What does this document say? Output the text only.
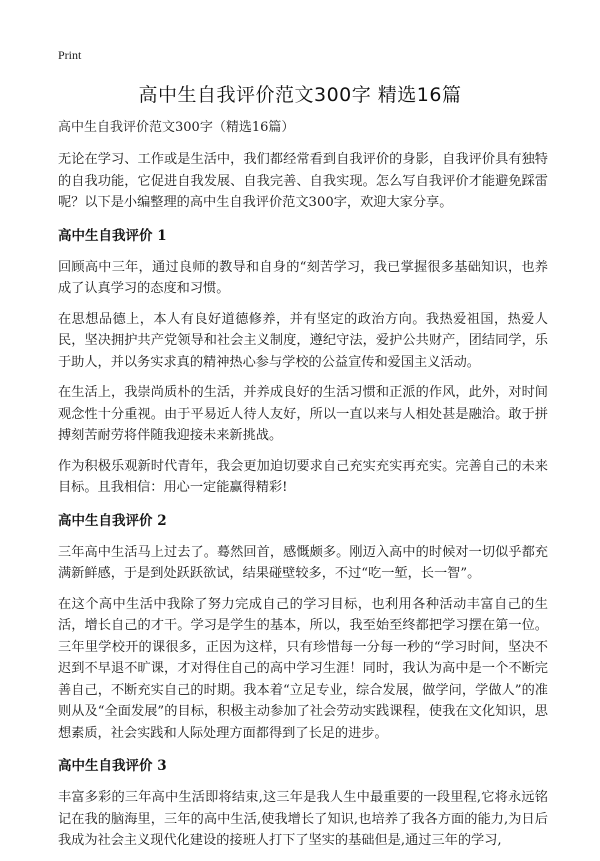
Print
高中生自我评价范文300字 精选16篇
高中生自我评价范文300字（精选16篇）

无论在学习、工作或是生活中，我们都经常看到自我评价的身影，自我评价具有独特的自我功能，它促进自我发展、自我完善、自我实现。怎么写自我评价才能避免踩雷呢？以下是小编整理的高中生自我评价范文300字，欢迎大家分享。

高中生自我评价 1

回顾高中三年，通过良师的教导和自身的“刻苦学习，我已掌握很多基础知识，也养成了认真学习的态度和习惯。

在思想品德上，本人有良好道德修养，并有坚定的政治方向。我热爱祖国，热爱人民，坚决拥护共产党领导和社会主义制度，遵纪守法，爱护公共财产，团结同学，乐于助人，并以务实求真的精神热心参与学校的公益宣传和爱国主义活动。

在生活上，我崇尚质朴的生活，并养成良好的生活习惯和正派的作风，此外，对时间观念性十分重视。由于平易近人待人友好，所以一直以来与人相处甚是融洽。敢于拼搏刻苦耐劳将伴随我迎接未来新挑战。

作为积极乐观新时代青年，我会更加迫切要求自己充实充实再充实。完善自己的未来目标。且我相信：用心一定能赢得精彩!

高中生自我评价 2

三年高中生活马上过去了。蓦然回首，感慨颇多。刚迈入高中的时候对一切似乎都充满新鲜感，于是到处跃跃欲试，结果碰壁较多，不过“吃一堑，长一智”。

在这个高中生活中我除了努力完成自己的学习目标，也利用各种活动丰富自己的生活，增长自己的才干。学习是学生的基本，所以，我至始至终都把学习摆在第一位。三年里学校开的课很多，正因为这样，只有珍惜每一分每一秒的“学习时间，坚决不迟到不早退不旷课，才对得住自己的高中学习生涯！同时，我认为高中是一个不断完善自己，不断充实自己的时期。我本着“立足专业，综合发展，做学问，学做人”的准则从及“全面发展”的目标，积极主动参加了社会劳动实践课程，使我在文化知识，思想素质，社会实践和人际处理方面都得到了长足的进步。

高中生自我评价 3

丰富多彩的三年高中生活即将结束,这三年是我人生中最重要的一段里程,它将永远铭记在我的脑海里，三年的高中生活,使我增长了知识,也培养了我各方面的能力,为日后我成为社会主义现代化建设的接班人打下了坚实的基础但是,通过三年的学习,
